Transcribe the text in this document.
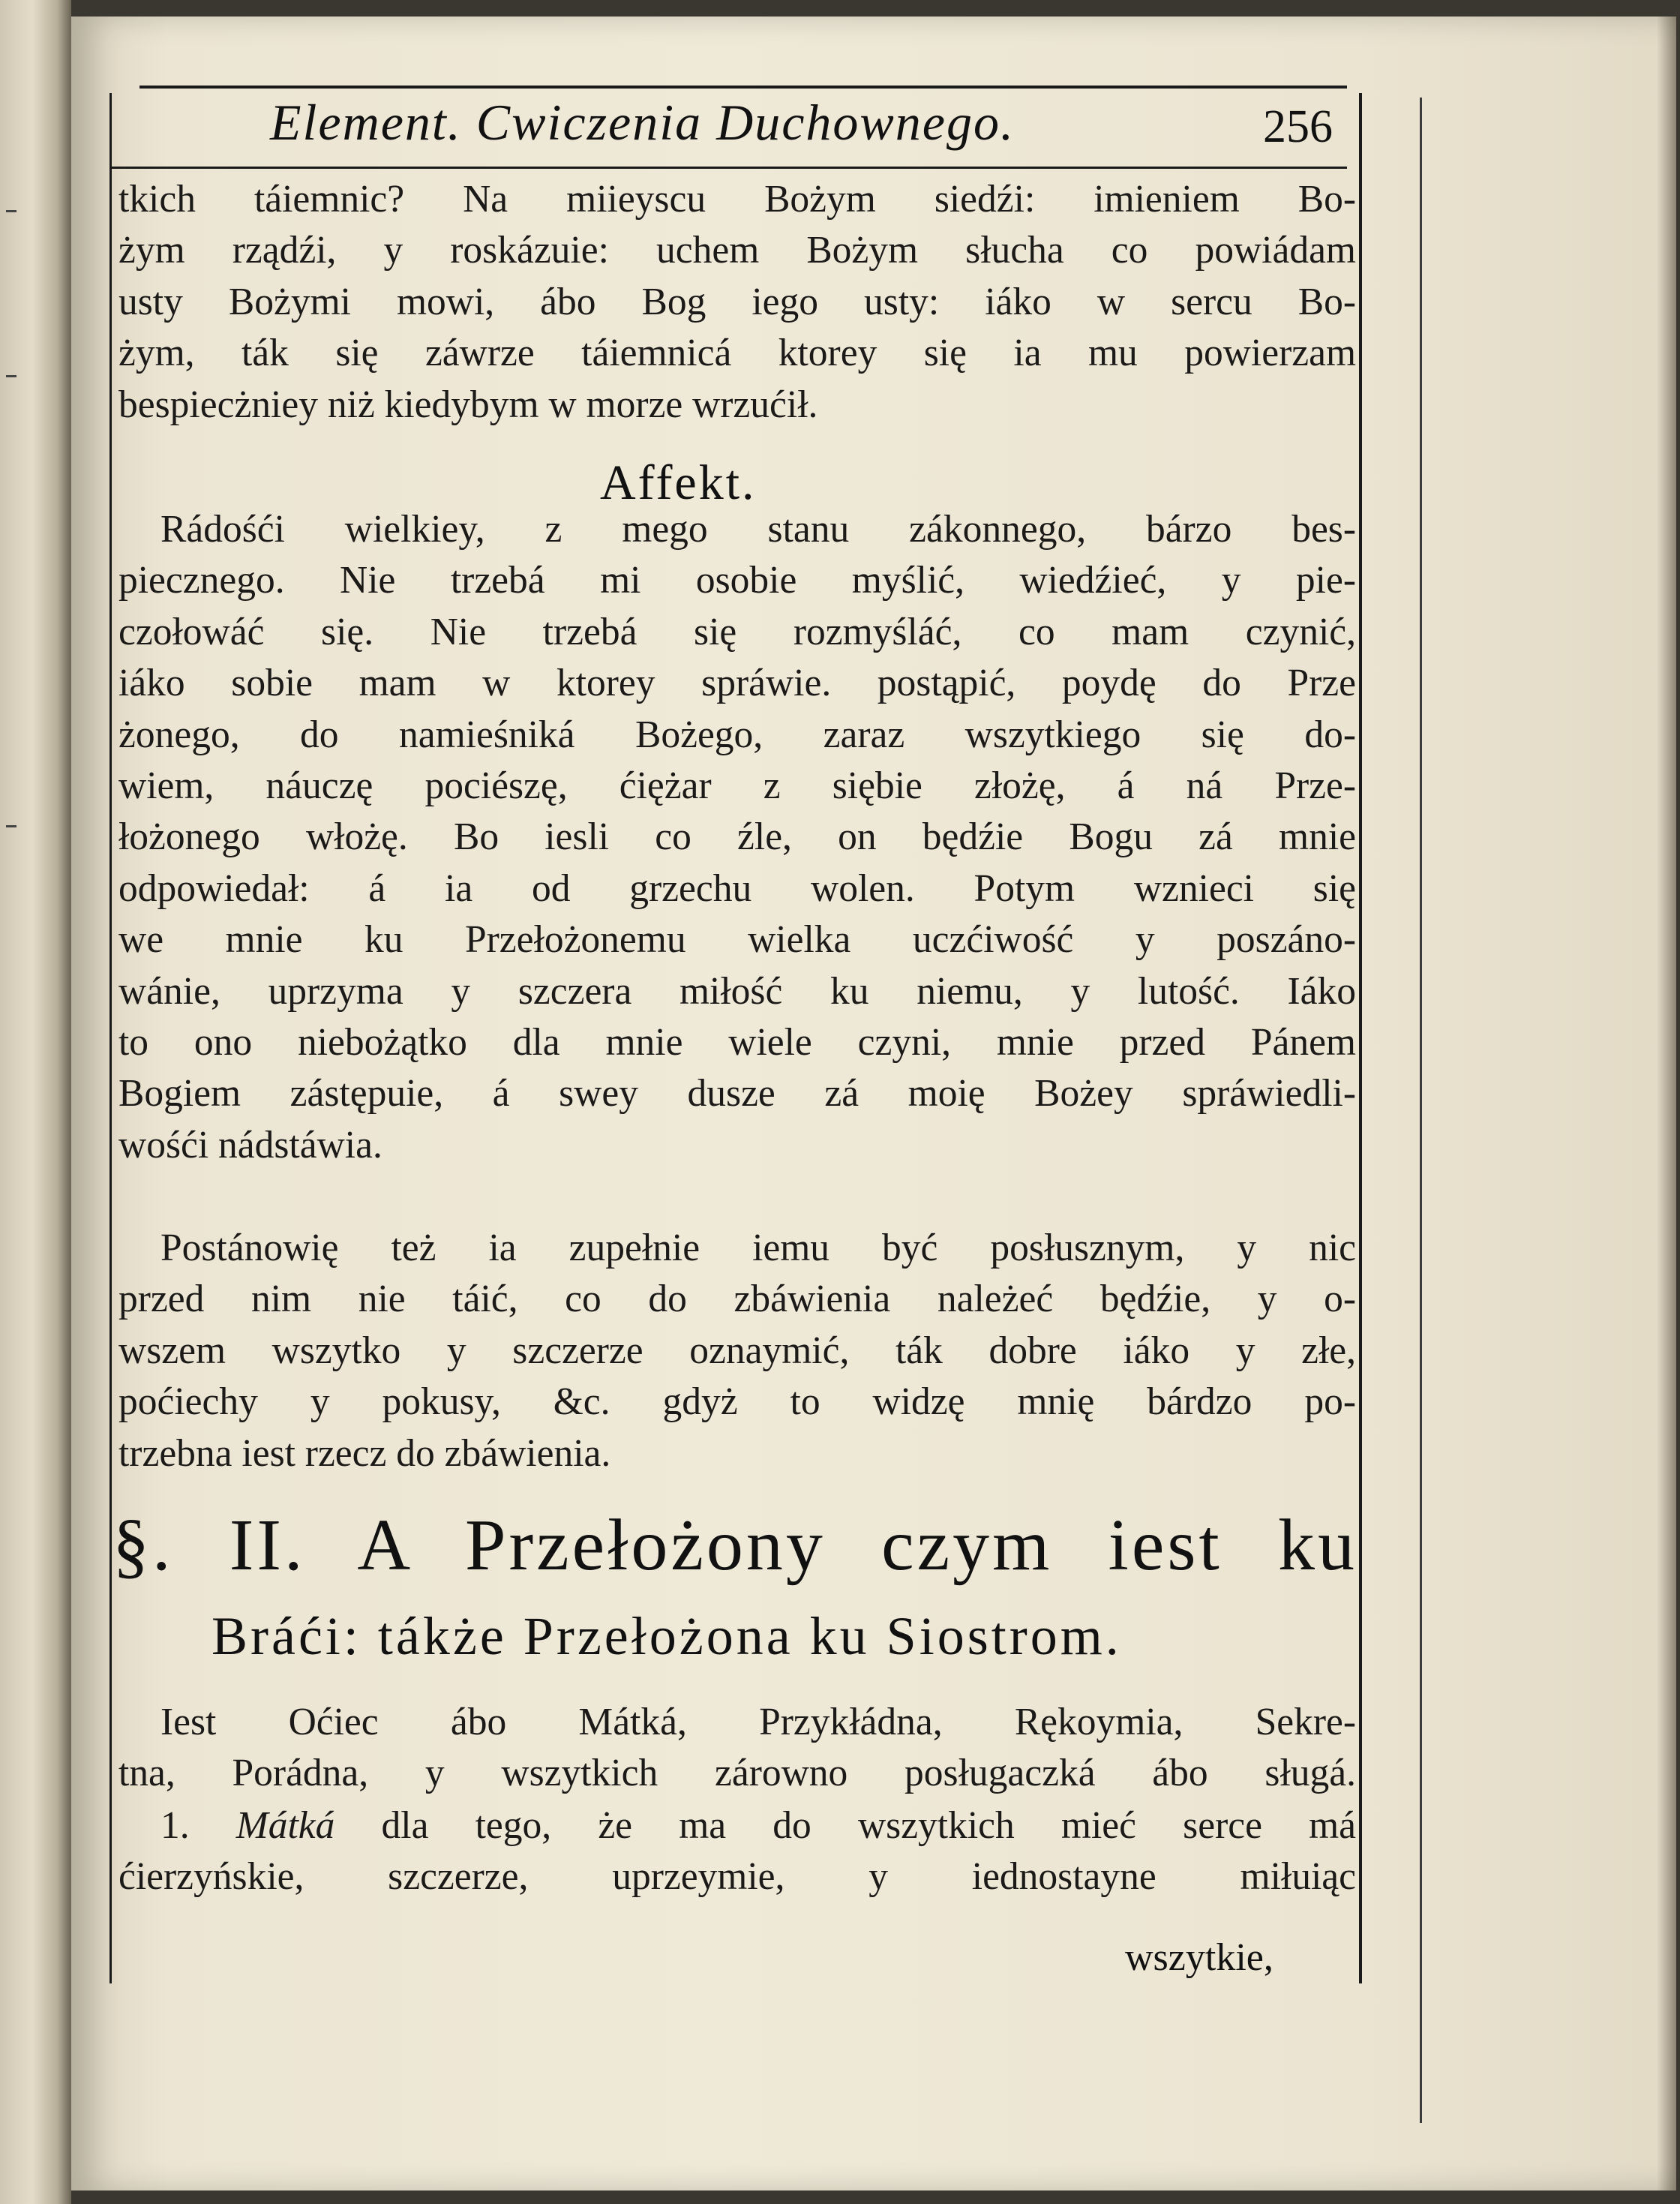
Element. Cwiczenia Duchownego.	256
tkich táiemnic? Na miieyscu Bożym siedźi: imieniem Bo-
żym rządźi, y roskázuie: uchem Bożym słucha co powiádam
usty Bożymi mowi, ábo Bog iego usty: iáko w sercu Bo-
żym, ták się záwrze táiemnicá ktorey się ia mu powierzam
bespiecżniey niż kiedybym w morze wrzućił.
Affekt.
Rádośći wielkiey, z mego stanu zákonnego, bárzo bes-
piecznego. Nie trzebá mi osobie myślić, wiedźieć, y pie-
czołowáć się. Nie trzebá się rozmyśláć, co mam czynić,
iáko sobie mam w ktorey spráwie. postąpić, poydę do Prze
żonego, do namieśniká Bożego, zaraz wszytkiego się do-
wiem, náuczę pociészę, ćiężar z siębie złożę, á ná Prze-
łożonego włożę. Bo iesli co źle, on będźie Bogu zá mnie
odpowiedał: á ia od grzechu wolen. Potym wznieci się
we mnie ku Przełożonemu wielka uczćiwość y poszáno-
wánie, uprzyma y szczera miłość ku niemu, y lutość. Iáko
to ono niebożątko dla mnie wiele czyni, mnie przed Pánem
Bogiem zástępuie, á swey dusze zá moię Bożey spráwiedli-
wośći nádstáwia.
Postánowię też ia zupełnie iemu być posłusznym, y nic
przed nim nie táić, co do zbáwienia należeć będźie, y o-
wszem wszytko y szczerze oznaymić, ták dobre iáko y złe,
poćiechy y pokusy, &c. gdyż to widzę mnię bárdzo po-
trzebna iest rzecz do zbáwienia.
§. II. A Przełożony czym iest ku
Bráći: tákże Przełożona ku Siostrom.
Iest Oćiec ábo Mátká, Przykłádna, Rękoymia, Sekre-
tna, Porádna, y wszytkich zárowno posługaczká ábo sługá.
1. Mátká dla tego, że ma do wszytkich mieć serce má
ćierzyńskie, szczerze, uprzeymie, y iednostayne miłuiąc
wszytkie,
